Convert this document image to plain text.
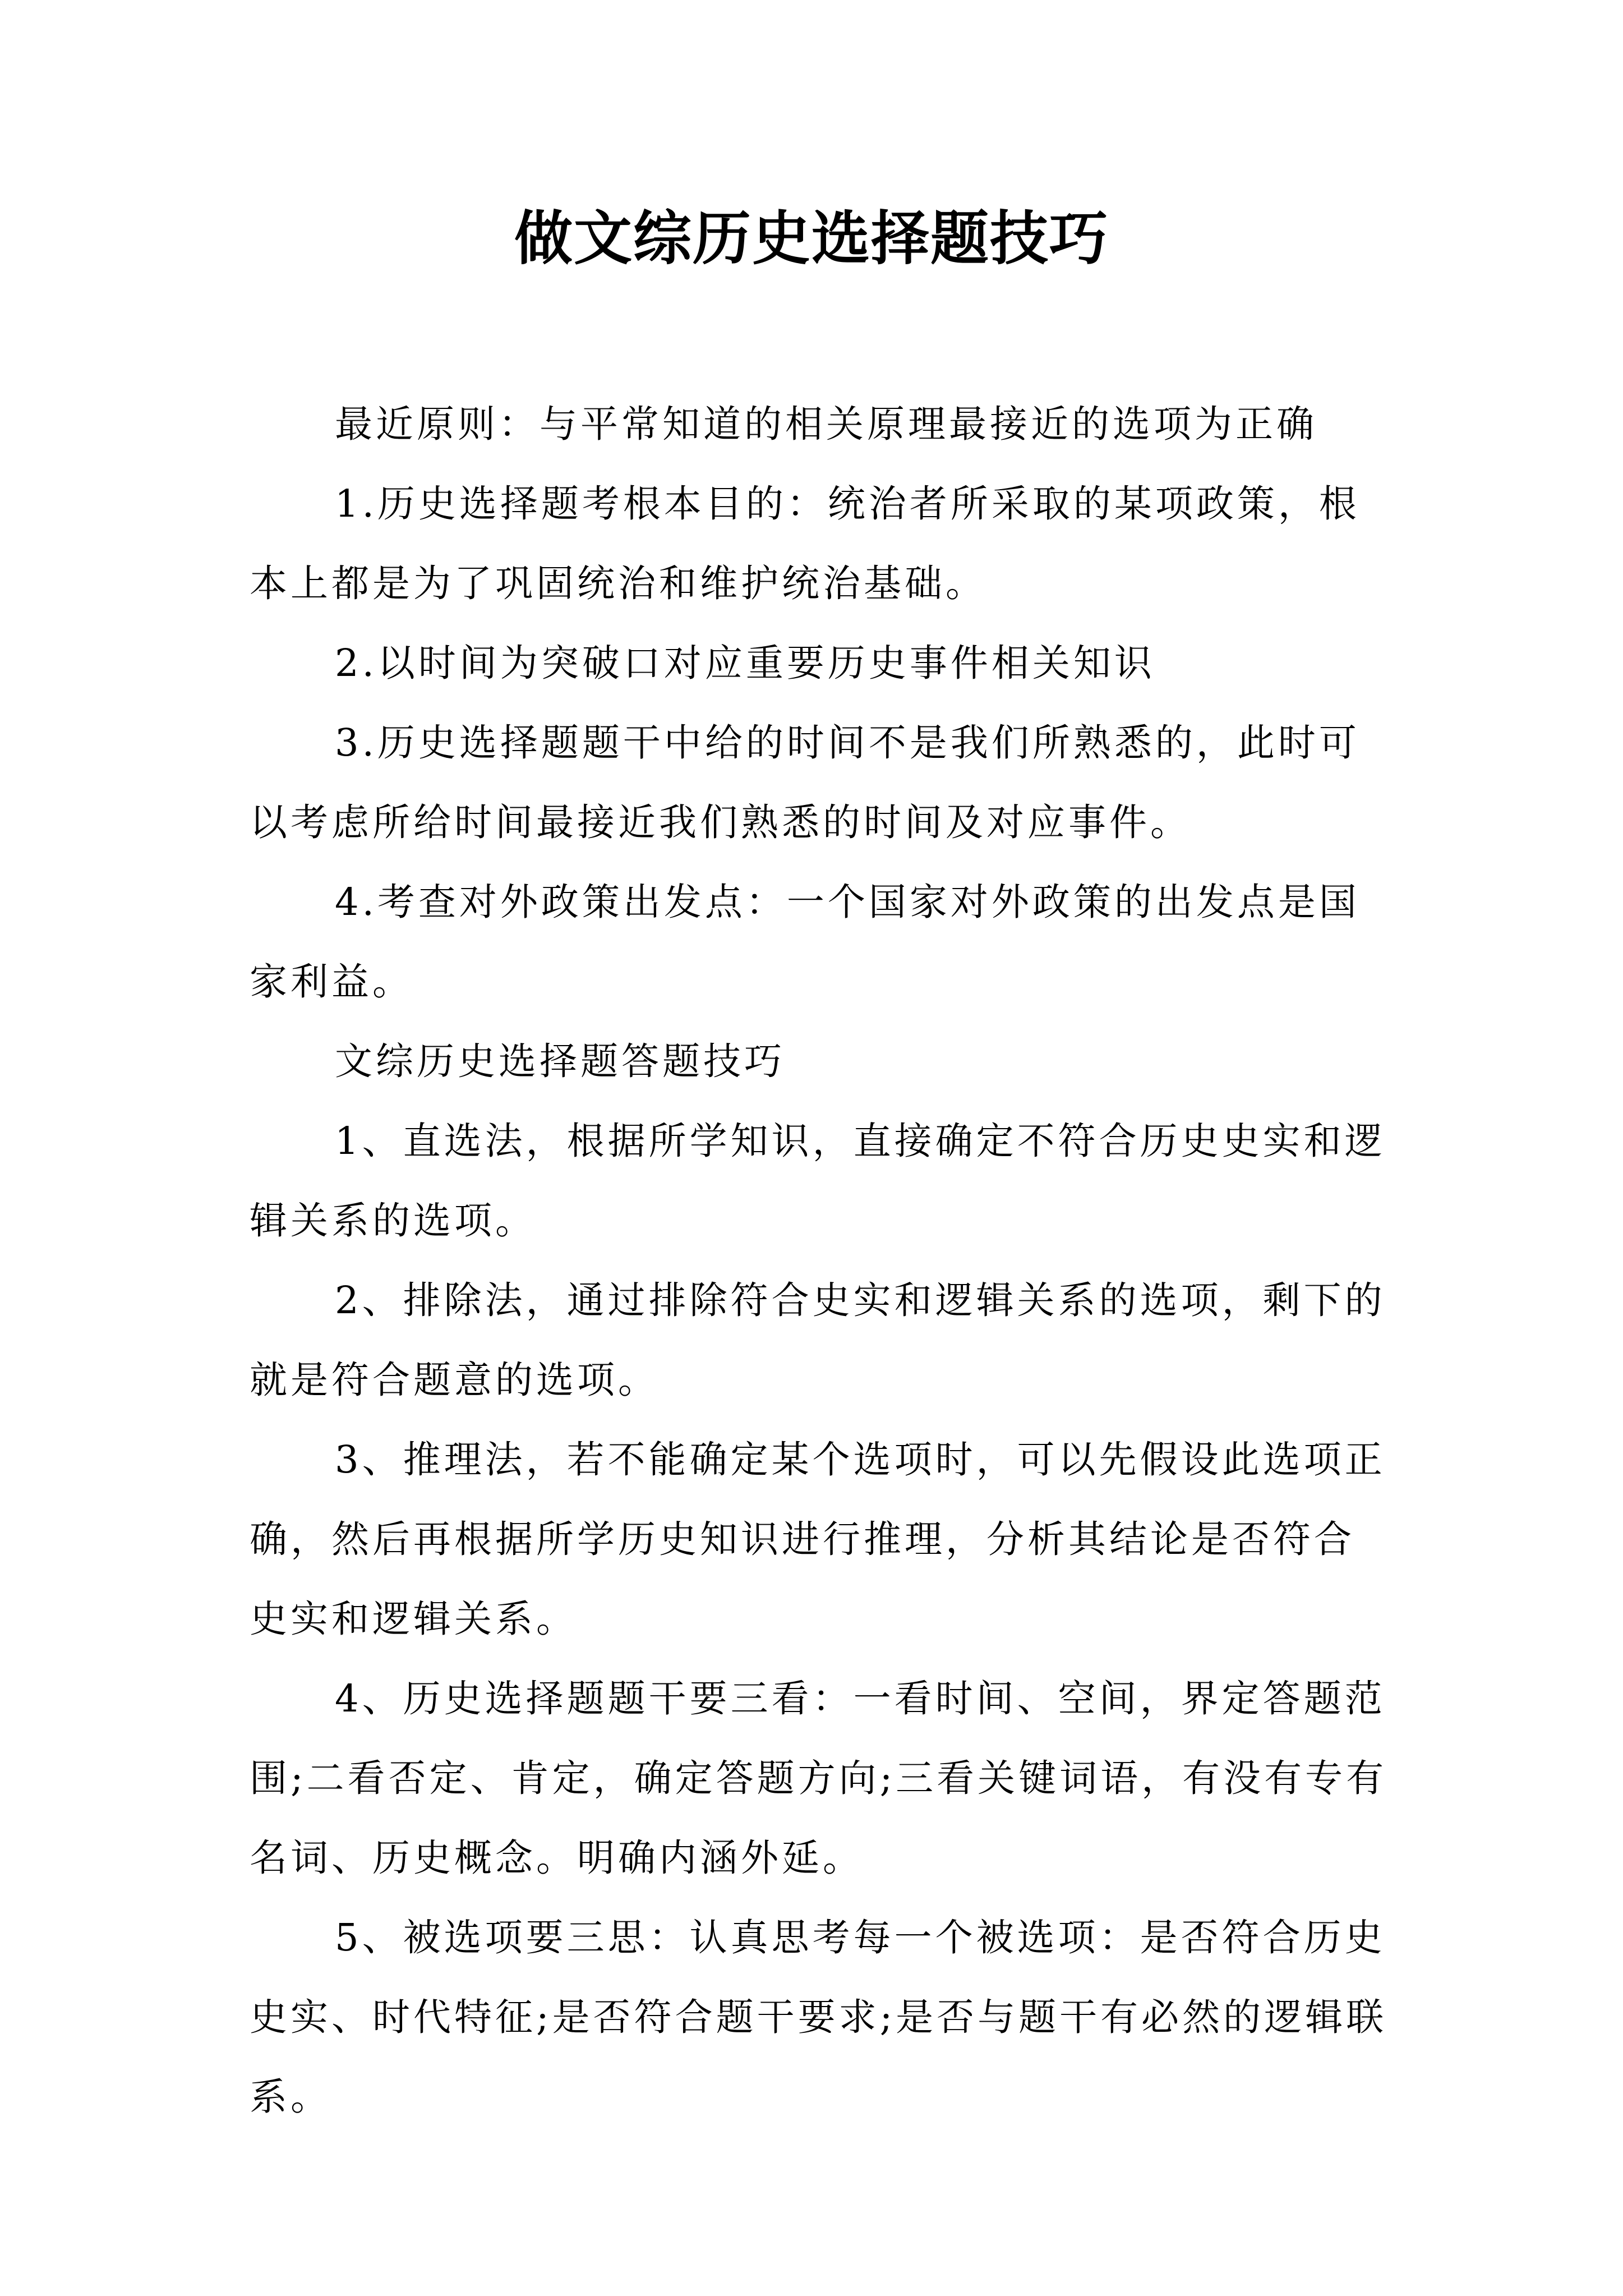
做文综历史选择题技巧

最近原则：与平常知道的相关原理最接近的选项为正确

1.历史选择题考根本目的：统治者所采取的某项政策，根本上都是为了巩固统治和维护统治基础。

2.以时间为突破口对应重要历史事件相关知识

3.历史选择题题干中给的时间不是我们所熟悉的，此时可以考虑所给时间最接近我们熟悉的时间及对应事件。

4.考查对外政策出发点：一个国家对外政策的出发点是国家利益。

文综历史选择题答题技巧

1、直选法，根据所学知识，直接确定不符合历史史实和逻辑关系的选项。

2、排除法，通过排除符合史实和逻辑关系的选项，剩下的就是符合题意的选项。

3、推理法，若不能确定某个选项时，可以先假设此选项正确，然后再根据所学历史知识进行推理，分析其结论是否符合史实和逻辑关系。

4、历史选择题题干要三看：一看时间、空间，界定答题范围;二看否定、肯定，确定答题方向;三看关键词语，有没有专有名词、历史概念。明确内涵外延。

5、被选项要三思：认真思考每一个被选项：是否符合历史史实、时代特征;是否符合题干要求;是否与题干有必然的逻辑联系。
